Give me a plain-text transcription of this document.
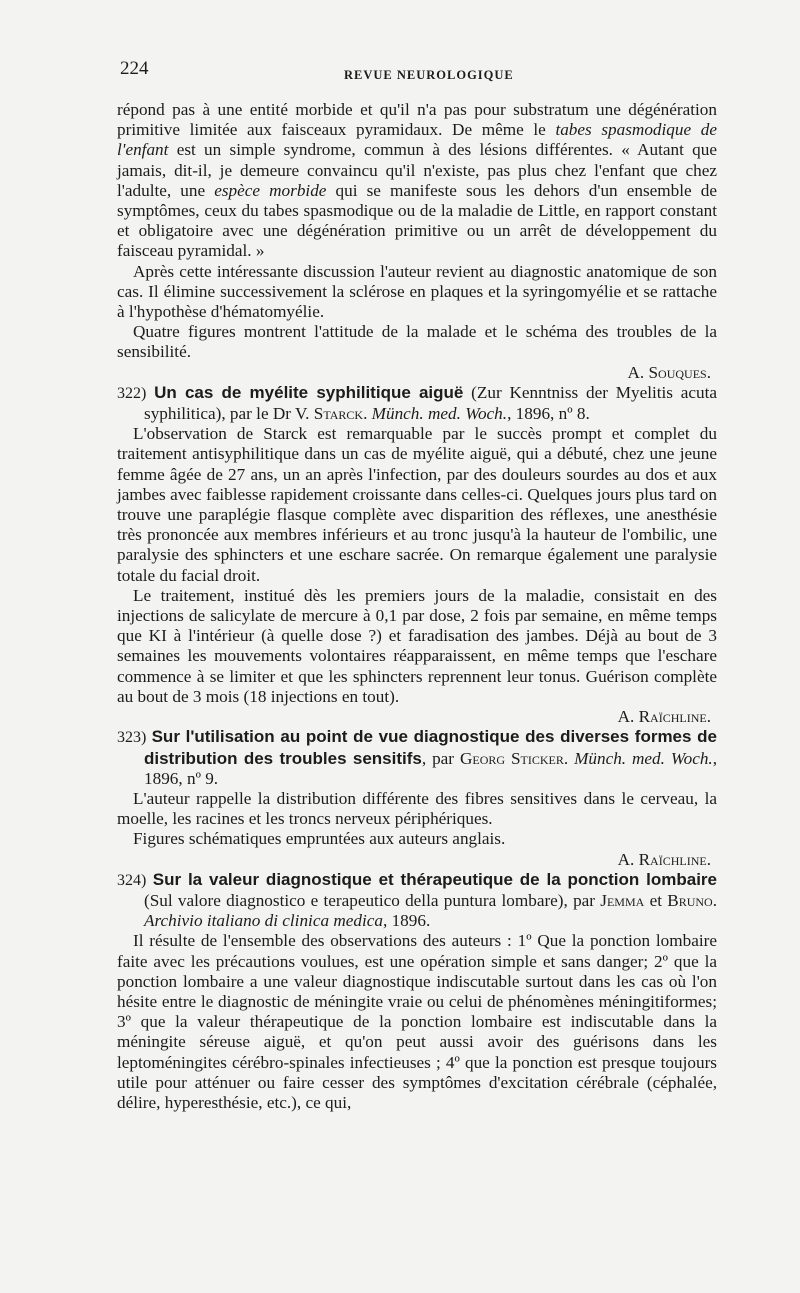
224	REVUE NEUROLOGIQUE

répond pas à une entité morbide et qu'il n'a pas pour substratum une dégénération primitive limitée aux faisceaux pyramidaux. De même le tabes spasmodique de l'enfant est un simple syndrome, commun à des lésions différentes. « Autant que jamais, dit-il, je demeure convaincu qu'il n'existe, pas plus chez l'enfant que chez l'adulte, une espèce morbide qui se manifeste sous les dehors d'un ensemble de symptômes, ceux du tabes spasmodique ou de la maladie de Little, en rapport constant et obligatoire avec une dégénération primitive ou un arrêt de développement du faisceau pyramidal. »

Après cette intéressante discussion l'auteur revient au diagnostic anatomique de son cas. Il élimine successivement la sclérose en plaques et la syringomyélie et se rattache à l'hypothèse d'hématomyélie.

Quatre figures montrent l'attitude de la malade et le schéma des troubles de la sensibilité.

A. Souques.

322) Un cas de myélite syphilitique aiguë (Zur Kenntniss der Myelitis acuta syphilitica), par le Dr V. Starck. Münch. med. Woch., 1896, nº 8.

L'observation de Starck est remarquable par le succès prompt et complet du traitement antisyphilitique dans un cas de myélite aiguë, qui a débuté, chez une jeune femme âgée de 27 ans, un an après l'infection, par des douleurs sourdes au dos et aux jambes avec faiblesse rapidement croissante dans celles-ci. Quelques jours plus tard on trouve une paraplégie flasque complète avec disparition des réflexes, une anesthésie très prononcée aux membres inférieurs et au tronc jusqu'à la hauteur de l'ombilic, une paralysie des sphincters et une eschare sacrée. On remarque également une paralysie totale du facial droit.

Le traitement, institué dès les premiers jours de la maladie, consistait en des injections de salicylate de mercure à 0,1 par dose, 2 fois par semaine, en même temps que KI à l'intérieur (à quelle dose ?) et faradisation des jambes. Déjà au bout de 3 semaines les mouvements volontaires réapparaissent, en même temps que l'eschare commence à se limiter et que les sphincters reprennent leur tonus. Guérison complète au bout de 3 mois (18 injections en tout).

A. Raïchline.

323) Sur l'utilisation au point de vue diagnostique des diverses formes de distribution des troubles sensitifs, par Georg Sticker. Münch. med. Woch., 1896, nº 9.

L'auteur rappelle la distribution différente des fibres sensitives dans le cerveau, la moelle, les racines et les troncs nerveux périphériques.

Figures schématiques empruntées aux auteurs anglais.

A. Raïchline.

324) Sur la valeur diagnostique et thérapeutique de la ponction lombaire (Sul valore diagnostico e terapeutico della puntura lombare), par Jemma et Bruno. Archivio italiano di clinica medica, 1896.

Il résulte de l'ensemble des observations des auteurs : 1º Que la ponction lombaire faite avec les précautions voulues, est une opération simple et sans danger; 2º que la ponction lombaire a une valeur diagnostique indiscutable surtout dans les cas où l'on hésite entre le diagnostic de méningite vraie ou celui de phénomènes méningitiformes; 3º que la valeur thérapeutique de la ponction lombaire est indiscutable dans la méningite séreuse aiguë, et qu'on peut aussi avoir des guérisons dans les leptoméningites cérébro-spinales infectieuses ; 4º que la ponction est presque toujours utile pour atténuer ou faire cesser des symptômes d'excitation cérébrale (céphalée, délire, hyperesthésie, etc.), ce qui,
